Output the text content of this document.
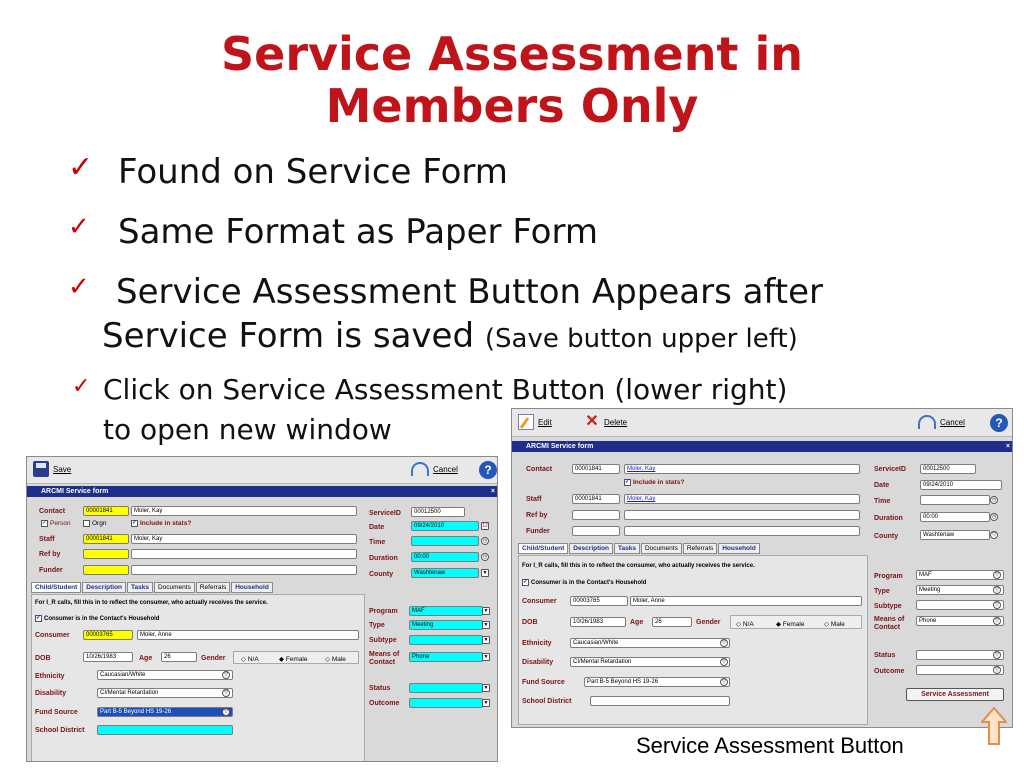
Service Assessment in
Members Only
✓ Found on Service Form
✓ Same Format as Paper Form
✓ Service Assessment Button Appears after
Service Form is saved (Save button upper left)
✓ Click on Service Assessment Button (lower right)
to open new window
Save	Cancel	?
ARCMI Service form	×
Contact	00001841	Moler, Kay
✓ Person	Orgn	✓ Include in stats?
Staff	00001841	Moler, Kay
Ref by
Funder
ServiceID	00012500
Date	09/24/2010	12
Time	◷
Duration	00:00	◷
County	Washtenaw	▼
Child/Student	Description	Tasks	Documents	Referrals	Household
For I_R calls, fill this in to reflect the consumer, who actually receives the service.
✓ Consumer is in the Contact's Household
Consumer	00003765	Moler, Anne
DOB	10/26/1983	Age	26	Gender ◇ N/A	◆ Female	◇ Male
Ethnicity	Caucasian/White	▽
Disability	CI/Mental Retardation	▽
Fund Source	Part B-5 Beyond HS 19-26	▽
School District
Program	MAF	▼
Type	Meeting	▼
Subtype	▼
Means of
Contact
Phone	▼
Status	▼
Outcome	▼
Edit ✕ Delete	Cancel	?
ARCMI Service form	×
Contact	00001841	Moler, Kay
✓ Include in stats?
Staff	00001841	Moler, Kay
Ref by
Funder
ServiceID	00012500
Date	09/24/2010
Time	◷
Duration	00:00	◷
County	Washtenaw	▽
Child/Student	Description	Tasks	Documents	Referrals	Household
For I_R calls, fill this in to reflect the consumer, who actually receives the service.
✓ Consumer is in the Contact's Household
Consumer	00003765	Moler, Anne
DOB	10/26/1983	Age	26	Gender ◇ N/A	◆ Female	◇ Male
Ethnicity	Caucasian/White	▽
Disability	CI/Mental Retardation	▽
Fund Source	Part B-5 Beyond HS 19-26	▽
School District
Program	MAF	▽
Type	Meeting	▽
Subtype	▽
Means of
Contact
Phone	▽
Status	▽
Outcome	▽
Service Assessment
Service Assessment Button
